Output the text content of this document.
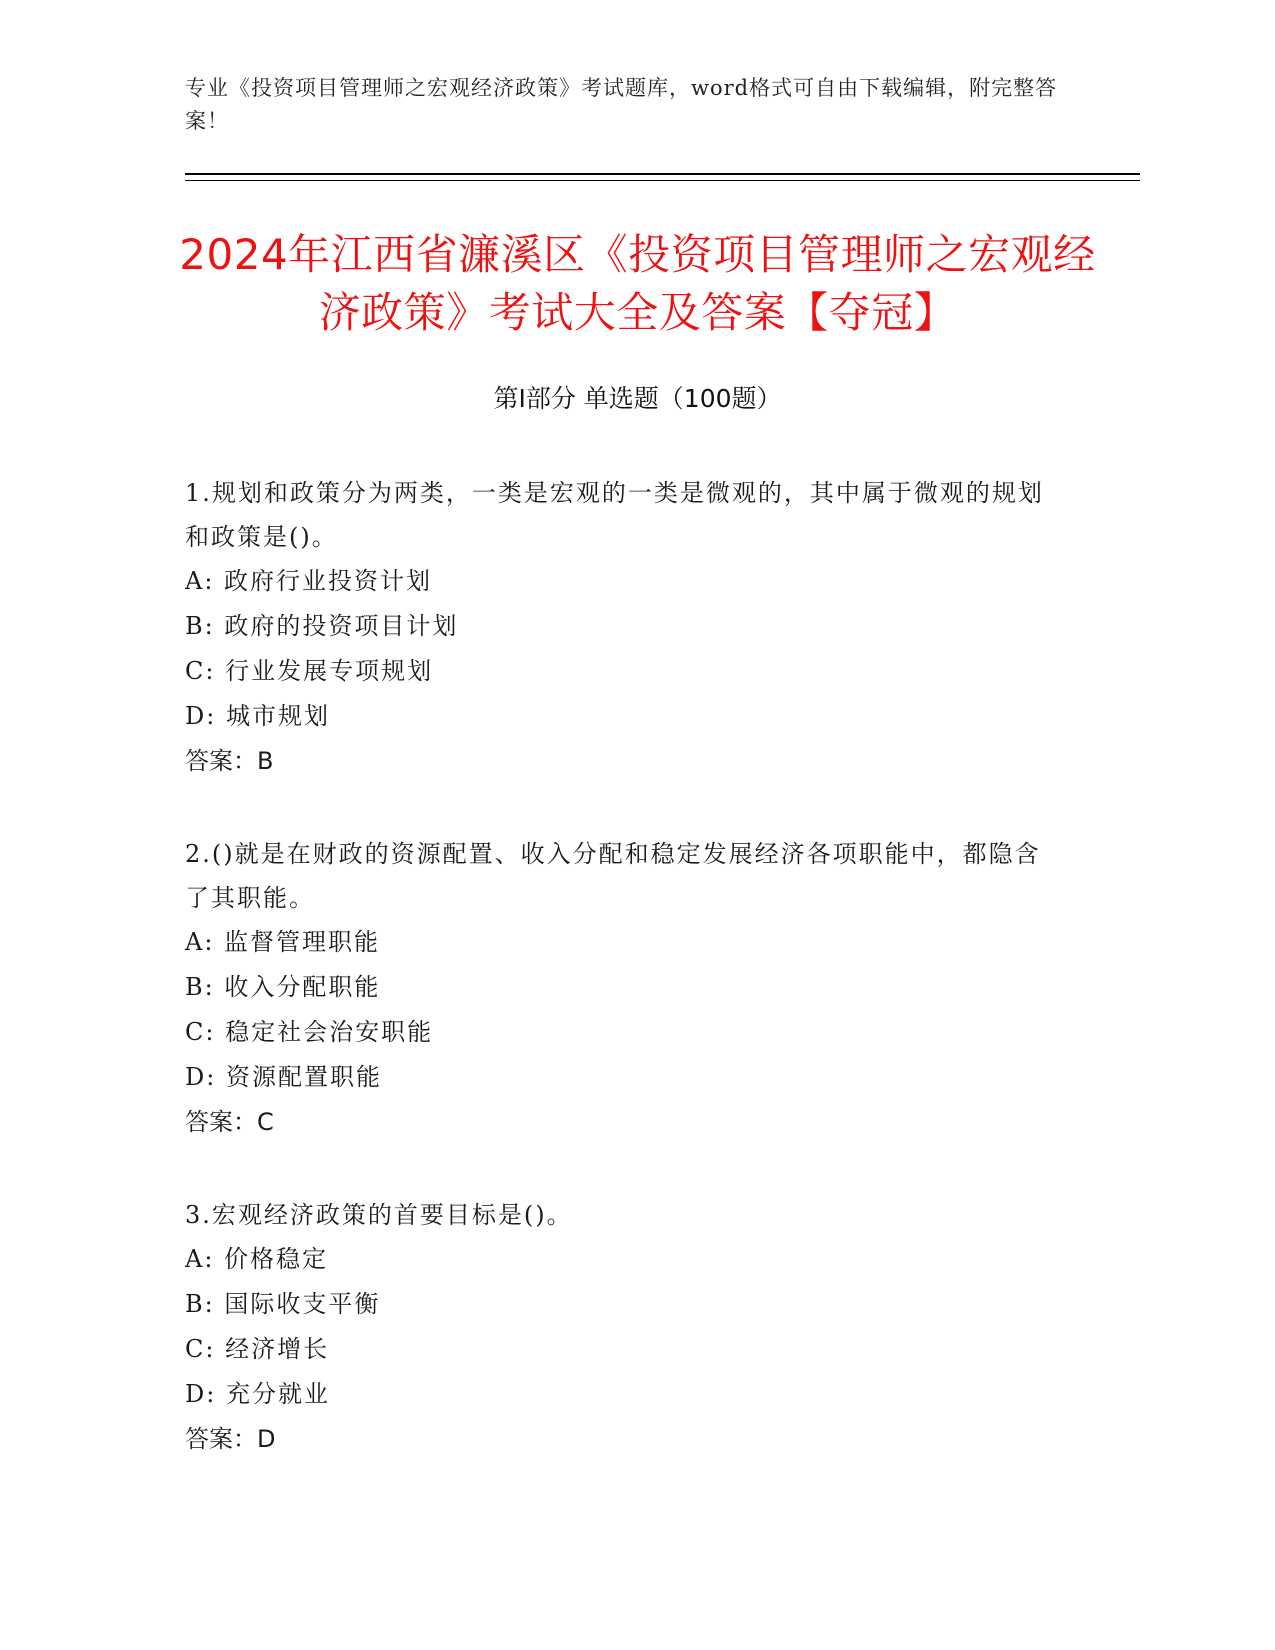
专业《投资项目管理师之宏观经济政策》考试题库，word格式可自由下载编辑，附完整答案！
2024年江西省濂溪区《投资项目管理师之宏观经济政策》考试大全及答案【夺冠】
第Ⅰ部分 单选题（100题）

1.规划和政策分为两类，一类是宏观的一类是微观的，其中属于微观的规划和政策是()。

A: 政府行业投资计划

B: 政府的投资项目计划

C: 行业发展专项规划

D: 城市规划

答案：B

2.()就是在财政的资源配置、收入分配和稳定发展经济各项职能中，都隐含了其职能。

A: 监督管理职能

B: 收入分配职能

C: 稳定社会治安职能

D: 资源配置职能

答案：C

3.宏观经济政策的首要目标是()。

A: 价格稳定

B: 国际收支平衡

C: 经济增长

D: 充分就业

答案：D
